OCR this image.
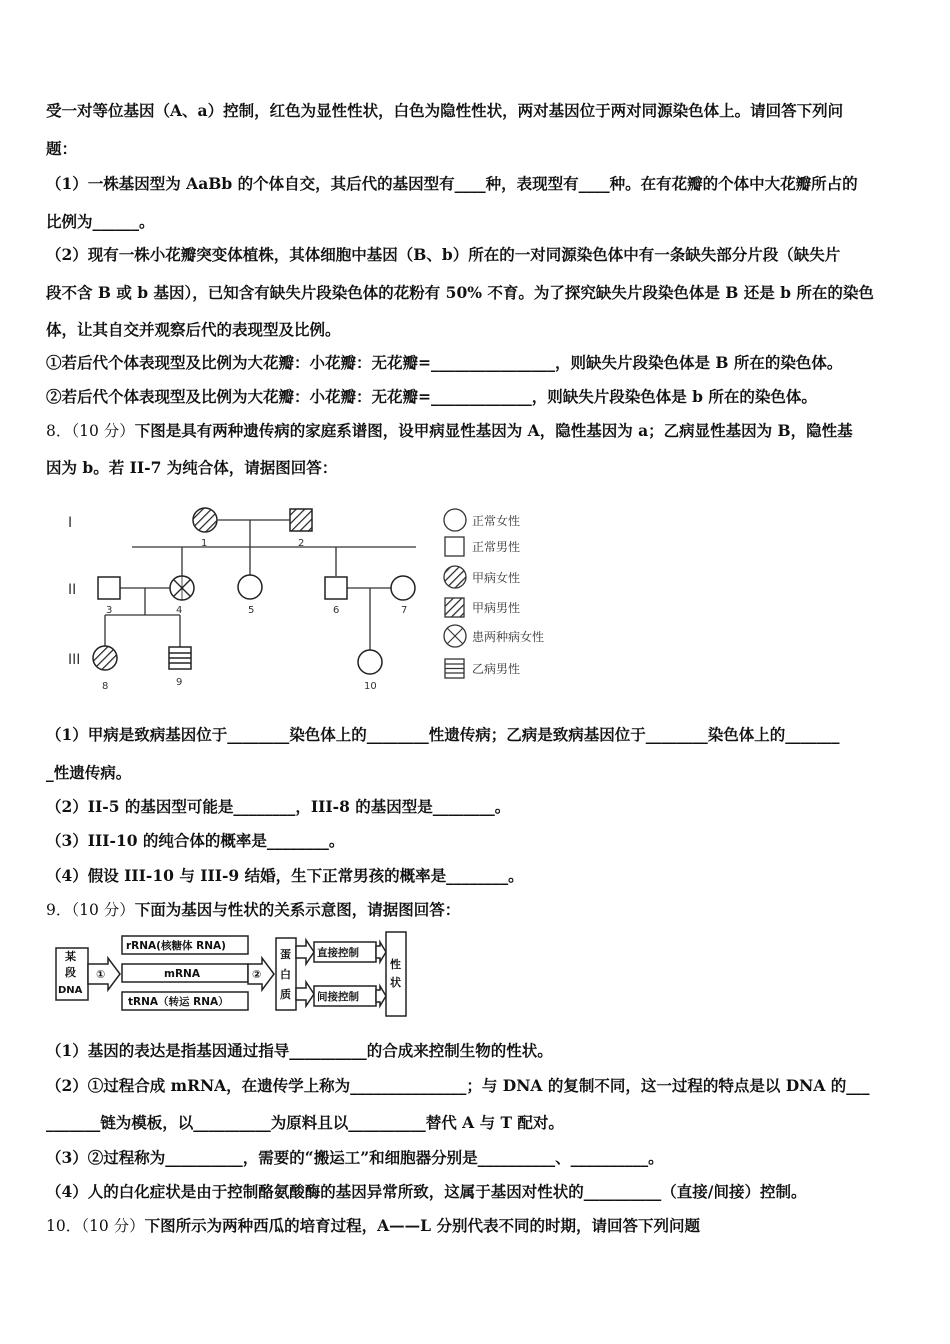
受一对等位基因（A、a）控制，红色为显性性状，白色为隐性性状，两对基因位于两对同源染色体上。请回答下列问
题：
（1）一株基因型为 AaBb 的个体自交，其后代的基因型有____种，表现型有____种。在有花瓣的个体中大花瓣所占的
比例为______。
（2）现有一株小花瓣突变体植株，其体细胞中基因（B、b）所在的一对同源染色体中有一条缺失部分片段（缺失片
段不含 B 或 b 基因），已知含有缺失片段染色体的花粉有 50% 不育。为了探究缺失片段染色体是 B 还是 b 所在的染色
体，让其自交并观察后代的表现型及比例。
①若后代个体表现型及比例为大花瓣：小花瓣：无花瓣=________________，则缺失片段染色体是 B 所在的染色体。
②若后代个体表现型及比例为大花瓣：小花瓣：无花瓣=_____________，则缺失片段染色体是 b 所在的染色体。
8．（10 分）下图是具有两种遗传病的家庭系谱图，设甲病显性基因为 A，隐性基因为 a；乙病显性基因为 B，隐性基
因为 b。若 II-7 为纯合体，请据图回答：
I
II
III
1	2
3	4	5	6	7
8	9	10
正常女性
正常男性
甲病女性
甲病男性
患两种病女性
乙病男性
（1）甲病是致病基因位于________染色体上的________性遗传病；乙病是致病基因位于________染色体上的_______
_性遗传病。
（2）II-5 的基因型可能是________，III-8 的基因型是________。
（3）III-10 的纯合体的概率是________。
（4）假设 III-10 与 III-9 结婚，生下正常男孩的概率是________。
9．（10 分）下面为基因与性状的关系示意图，请据图回答：
某
段
DNA
①
rRNA(核糖体 RNA)
mRNA
tRNA（转运 RNA）
②
蛋
白
质
直接控制
间接控制
性
状
（1）基因的表达是指基因通过指导__________的合成来控制生物的性状。
（2）①过程合成 mRNA，在遗传学上称为_______________；与 DNA 的复制不同，这一过程的特点是以 DNA 的___
_______链为模板，以__________为原料且以__________替代 A 与 T 配对。
（3）②过程称为__________，需要的“搬运工”和细胞器分别是__________、__________。
（4）人的白化症状是由于控制酪氨酸酶的基因异常所致，这属于基因对性状的__________（直接/间接）控制。
10．（10 分）下图所示为两种西瓜的培育过程，A——L 分别代表不同的时期，请回答下列问题
